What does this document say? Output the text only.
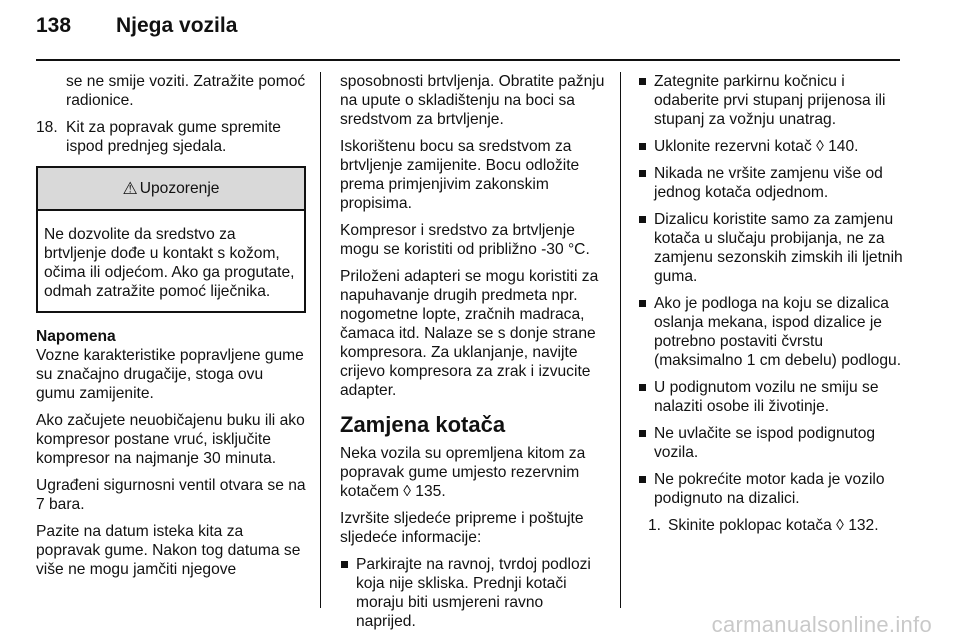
138 Njega vozila

se ne smije voziti. Zatražite pomoć radionice.

18. Kit za popravak gume spremite ispod prednjeg sjedala.
⚠ Upozorenje
Ne dozvolite da sredstvo za brtvljenje dođe u kontakt s kožom, očima ili odjećom. Ako ga progutate, odmah zatražite pomoć liječnika.
Napomena

Vozne karakteristike popravljene gume su značajno drugačije, stoga ovu gumu zamijenite.

Ako začujete neuobičajenu buku ili ako kompresor postane vruć, isključite kompresor na najmanje 30 minuta.

Ugrađeni sigurnosni ventil otvara se na 7 bara.

Pazite na datum isteka kita za popravak gume. Nakon tog datuma se više ne mogu jamčiti njegove

sposobnosti brtvljenja. Obratite pažnju na upute o skladištenju na boci sa sredstvom za brtvljenje.

Iskorištenu bocu sa sredstvom za brtvljenje zamijenite. Bocu odložite prema primjenjivim zakonskim propisima.

Kompresor i sredstvo za brtvljenje mogu se koristiti od približno -30 °C.

Priloženi adapteri se mogu koristiti za napuhavanje drugih predmeta npr. nogometne lopte, zračnih madraca, čamaca itd. Nalaze se s donje strane kompresora. Za uklanjanje, navijte crijevo kompresora za zrak i izvucite adapter.

Zamjena kotača

Neka vozila su opremljena kitom za popravak gume umjesto rezervnim kotačem ◊ 135.

Izvršite sljedeće pripreme i poštujte sljedeće informacije:

Parkirajte na ravnoj, tvrdoj podlozi koja nije skliska. Prednji kotači moraju biti usmjereni ravno naprijed.
Zategnite parkirnu kočnicu i odaberite prvi stupanj prijenosa ili stupanj za vožnju unatrag.
Uklonite rezervni kotač ◊ 140.
Nikada ne vršite zamjenu više od jednog kotača odjednom.
Dizalicu koristite samo za zamjenu kotača u slučaju probijanja, ne za zamjenu sezonskih zimskih ili ljetnih guma.
Ako je podloga na koju se dizalica oslanja mekana, ispod dizalice je potrebno postaviti čvrstu (maksimalno 1 cm debelu) podlogu.
U podignutom vozilu ne smiju se nalaziti osobe ili životinje.
Ne uvlačite se ispod podignutog vozila.
Ne pokrećite motor kada je vozilo podignuto na dizalici.
1. Skinite poklopac kotača ◊ 132.
carmanualsonline.info
